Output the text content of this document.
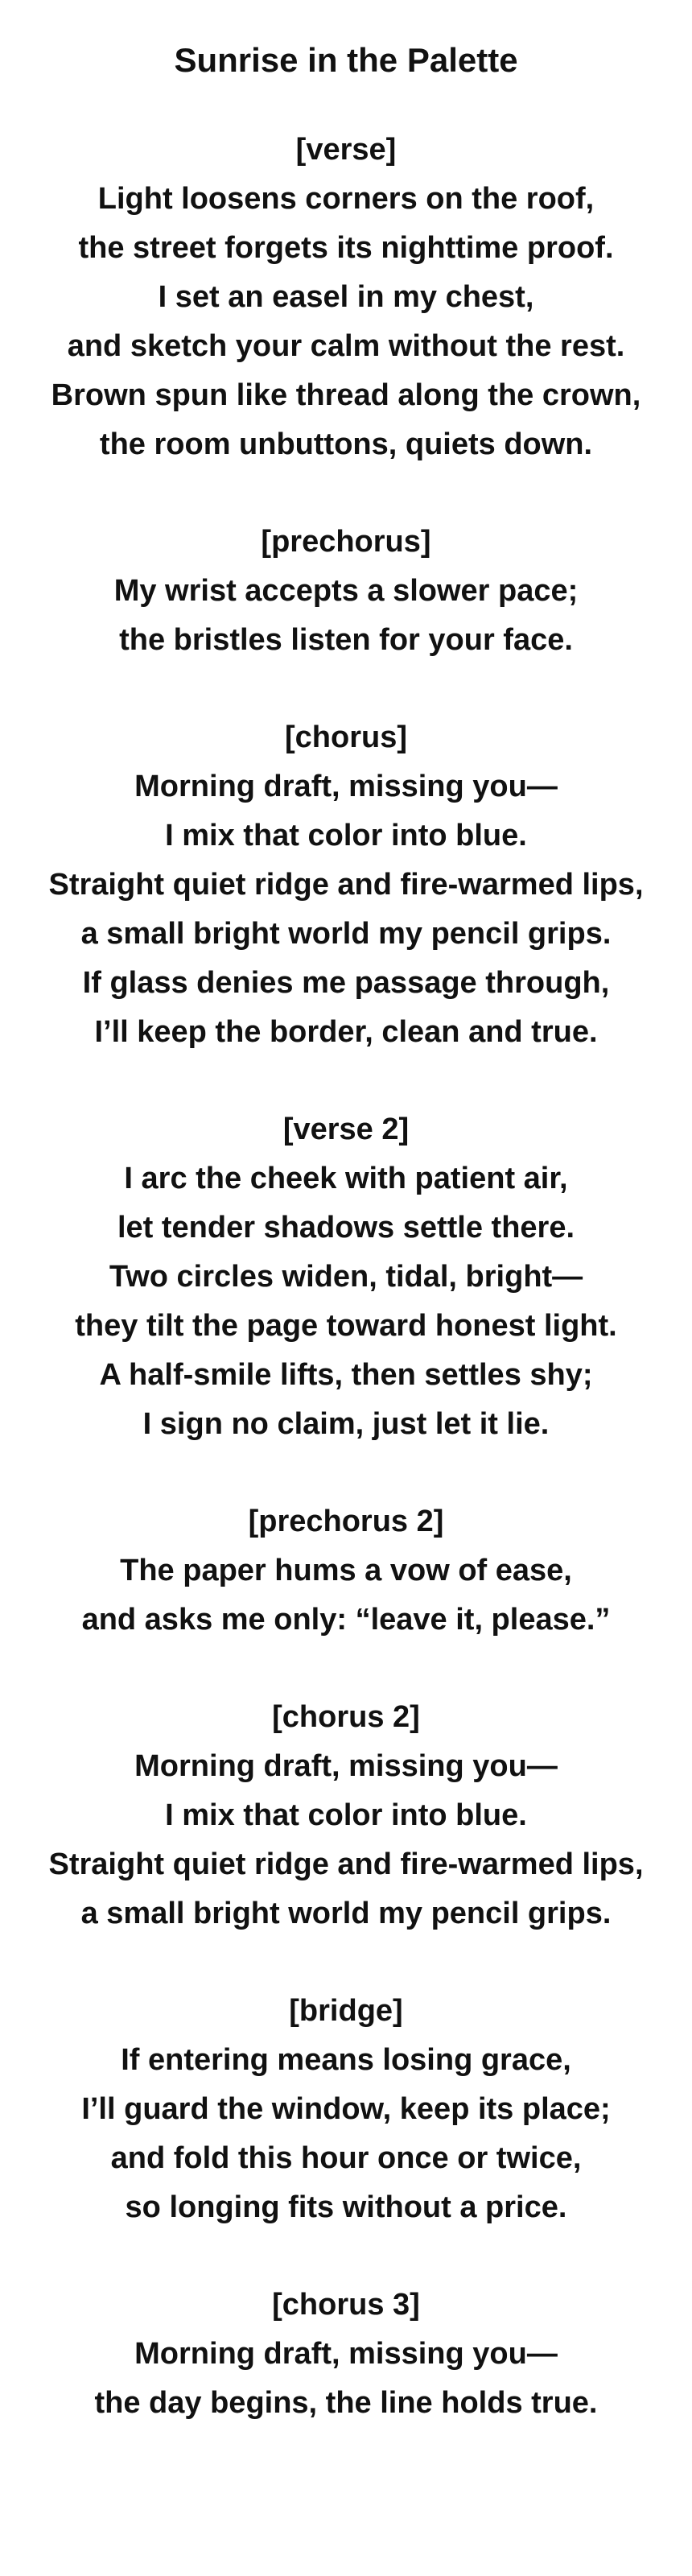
Sunrise in the Palette
[verse]
Light loosens corners on the roof,
the street forgets its nighttime proof.
I set an easel in my chest,
and sketch your calm without the rest.
Brown spun like thread along the crown,
the room unbuttons, quiets down.
[prechorus]
My wrist accepts a slower pace;
the bristles listen for your face.
[chorus]
Morning draft, missing you—
I mix that color into blue.
Straight quiet ridge and fire-warmed lips,
a small bright world my pencil grips.
If glass denies me passage through,
I’ll keep the border, clean and true.
[verse 2]
I arc the cheek with patient air,
let tender shadows settle there.
Two circles widen, tidal, bright—
they tilt the page toward honest light.
A half-smile lifts, then settles shy;
I sign no claim, just let it lie.
[prechorus 2]
The paper hums a vow of ease,
and asks me only: “leave it, please.”
[chorus 2]
Morning draft, missing you—
I mix that color into blue.
Straight quiet ridge and fire-warmed lips,
a small bright world my pencil grips.
[bridge]
If entering means losing grace,
I’ll guard the window, keep its place;
and fold this hour once or twice,
so longing fits without a price.
[chorus 3]
Morning draft, missing you—
the day begins, the line holds true.
